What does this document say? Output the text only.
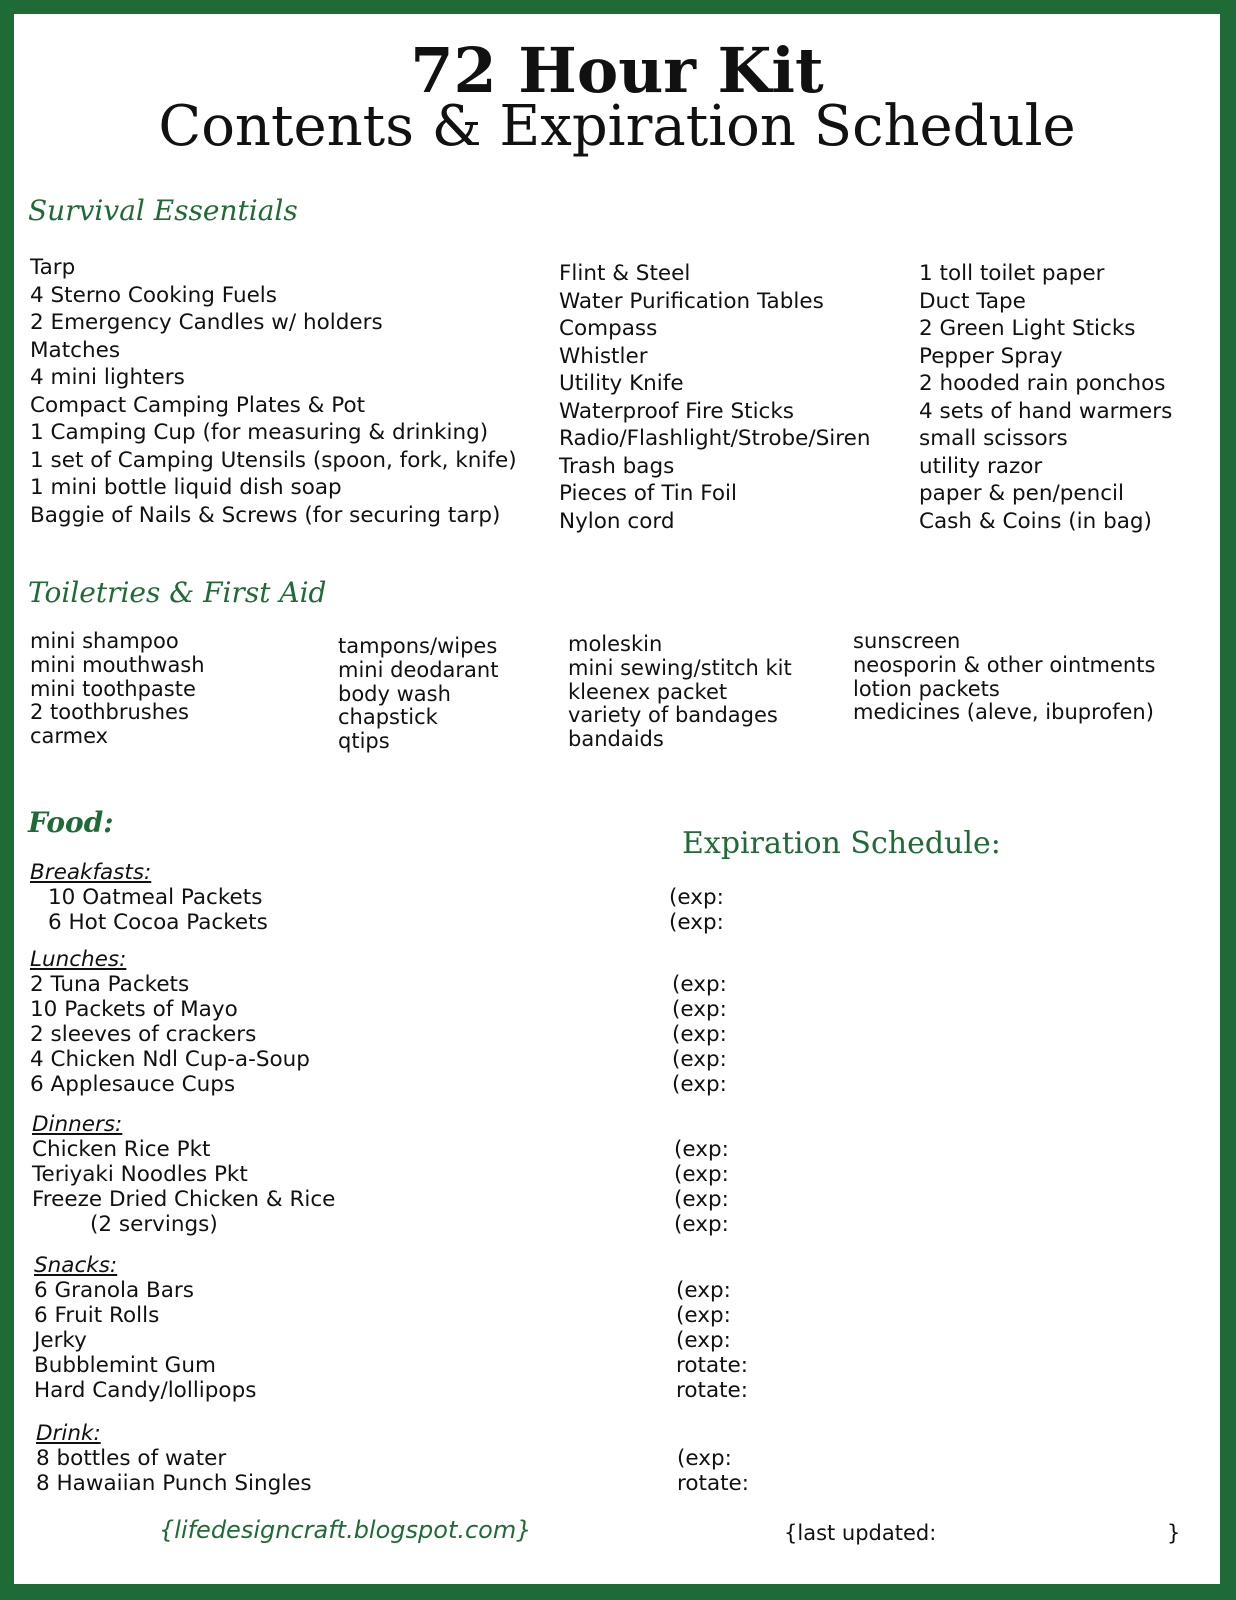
72 Hour Kit
Contents & Expiration Schedule
Survival Essentials
Tarp
4 Sterno Cooking Fuels
2 Emergency Candles w/ holders
Matches
4 mini lighters
Compact Camping Plates & Pot
1 Camping Cup (for measuring & drinking)
1 set of Camping Utensils (spoon, fork, knife)
1 mini bottle liquid dish soap
Baggie of Nails & Screws (for securing tarp)
Flint & Steel
Water Purification Tables
Compass
Whistler
Utility Knife
Waterproof Fire Sticks
Radio/Flashlight/Strobe/Siren
Trash bags
Pieces of Tin Foil
Nylon cord
1 toll toilet paper
Duct Tape
2 Green Light Sticks
Pepper Spray
2 hooded rain ponchos
4 sets of hand warmers
small scissors
utility razor
paper & pen/pencil
Cash & Coins (in bag)
Toiletries & First Aid
mini shampoo
mini mouthwash
mini toothpaste
2 toothbrushes
carmex
tampons/wipes
mini deodarant
body wash
chapstick
qtips
moleskin
mini sewing/stitch kit
kleenex packet
variety of bandages
bandaids
sunscreen
neosporin & other ointments
lotion packets
medicines (aleve, ibuprofen)
Food:
Breakfasts:
10 Oatmeal Packets
6 Hot Cocoa Packets
Lunches:
2 Tuna Packets
10 Packets of Mayo
2 sleeves of crackers
4 Chicken Ndl Cup-a-Soup
6 Applesauce Cups
Dinners:
Chicken Rice Pkt
Teriyaki Noodles Pkt
Freeze Dried Chicken & Rice
(2 servings)
Snacks:
6 Granola Bars
6 Fruit Rolls
Jerky
Bubblemint Gum
Hard Candy/lollipops
Drink:
8 bottles of water
8 Hawaiian Punch Singles
Expiration Schedule:
(exp:
(exp:
(exp:
(exp:
(exp:
(exp:
(exp:
(exp:
(exp:
(exp:
(exp:
(exp:
(exp:
(exp:
rotate:
rotate:
(exp:
rotate:
{lifedesigncraft.blogspot.com}	{last updated:	}
